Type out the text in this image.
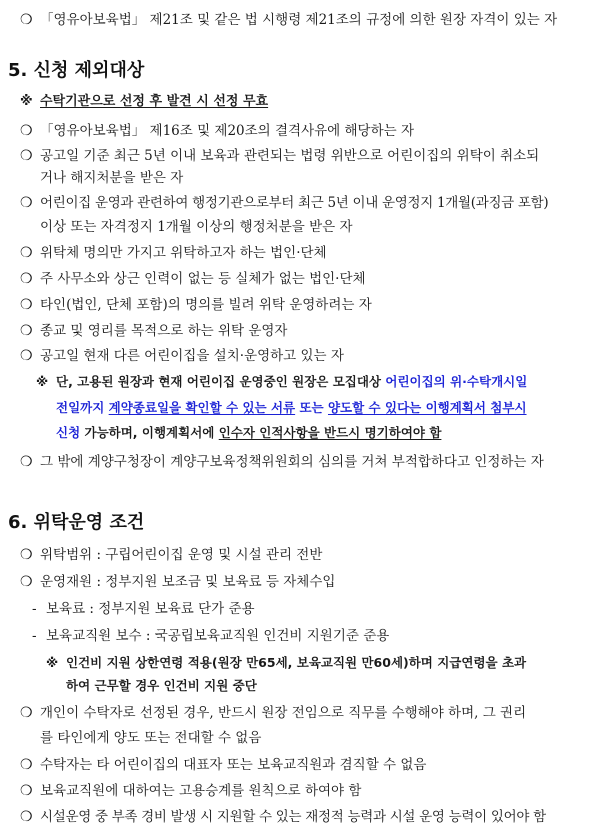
❍ 「영유아보육법」 제21조 및 같은 법 시행령 제21조의 규정에 의한 원장 자격이 있는 자
5. 신청 제외대상
※ 수탁기관으로 선정 후 발견 시 선정 무효
❍ 「영유아보육법」 제16조 및 제20조의 결격사유에 해당하는 자
❍ 공고일 기준 최근 5년 이내 보육과 관련되는 법령 위반으로 어린이집의 위탁이 취소되
거나 해지처분을 받은 자
❍ 어린이집 운영과 관련하여 행정기관으로부터 최근 5년 이내 운영정지 1개월(과징금 포함)
이상 또는 자격정지 1개월 이상의 행정처분을 받은 자
❍ 위탁체 명의만 가지고 위탁하고자 하는 법인·단체
❍ 주 사무소와 상근 인력이 없는 등 실체가 없는 법인·단체
❍ 타인(법인, 단체 포함)의 명의를 빌려 위탁 운영하려는 자
❍ 종교 및 영리를 목적으로 하는 위탁 운영자
❍ 공고일 현재 다른 어린이집을 설치·운영하고 있는 자
※ 단, 고용된 원장과 현재 어린이집 운영중인 원장은 모집대상 어린이집의 위·수탁개시일
전일까지 계약종료일을 확인할 수 있는 서류 또는 양도할 수 있다는 이행계획서 첨부시
신청 가능하며, 이행계획서에 인수자 인적사항을 반드시 명기하여야 함
❍ 그 밖에 계양구청장이 계양구보육정책위원회의 심의를 거쳐 부적합하다고 인정하는 자
6. 위탁운영 조건
❍ 위탁범위 : 구립어린이집 운영 및 시설 관리 전반
❍ 운영재원 : 정부지원 보조금 및 보육료 등 자체수입
- 보육료 : 정부지원 보육료 단가 준용
- 보육교직원 보수 : 국공립보육교직원 인건비 지원기준 준용
※ 인건비 지원 상한연령 적용(원장 만65세, 보육교직원 만60세)하며 지급연령을 초과
하여 근무할 경우 인건비 지원 중단
❍ 개인이 수탁자로 선정된 경우, 반드시 원장 전임으로 직무를 수행해야 하며, 그 권리
를 타인에게 양도 또는 전대할 수 없음
❍ 수탁자는 타 어린이집의 대표자 또는 보육교직원과 겸직할 수 없음
❍ 보육교직원에 대하여는 고용승계를 원칙으로 하여야 함
❍ 시설운영 중 부족 경비 발생 시 지원할 수 있는 재정적 능력과 시설 운영 능력이 있어야 함
